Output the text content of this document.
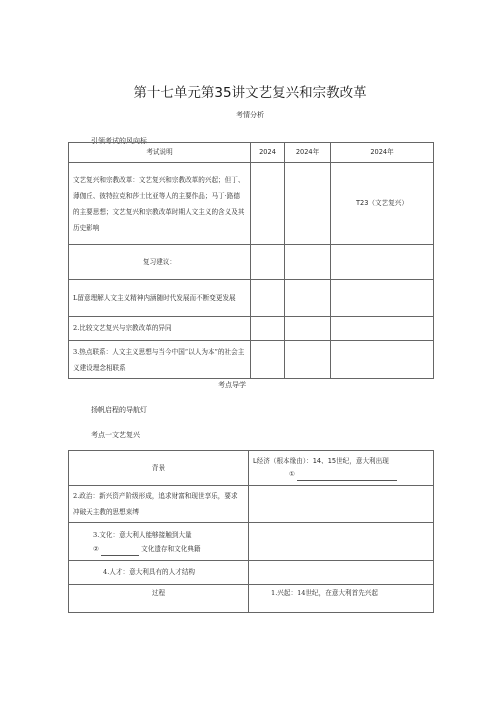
第十七单元第35讲文艺复兴和宗教改革
考情分析
引领考试的风向标
考试说明	2024	2024年	2024年
文艺复兴和宗教改革：文艺复兴和宗教改革的兴起；但丁、薄伽丘、彼特拉克和莎士比亚等人的主要作品；马丁·路德的主要思想；文艺复兴和宗教改革时期人文主义的含义及其历史影响			T23（文艺复兴）
复习建议：			
L留意理解人文主义精神内涵随时代发展而不断变更发展			
2.比较文艺复兴与宗教改革的异同			
3.热点联系：人文主义思想与当今中国“以人为本”的社会主义建设理念相联系			
考点导学
扬帆启程的导航灯
考点一文艺复兴
背景	L经济（根本缘由）：14、15世纪，意大利出现
①

2.政治：新兴资产阶级形成，追求财富和现世享乐，要求冲破天主教的思想束缚	

3.文化：意大利人能够接触到大量
② 文化遗存和文化典籍	

4.人才：意大利具有的人才结构	
过程	1.兴起：14世纪，在意大利首先兴起
